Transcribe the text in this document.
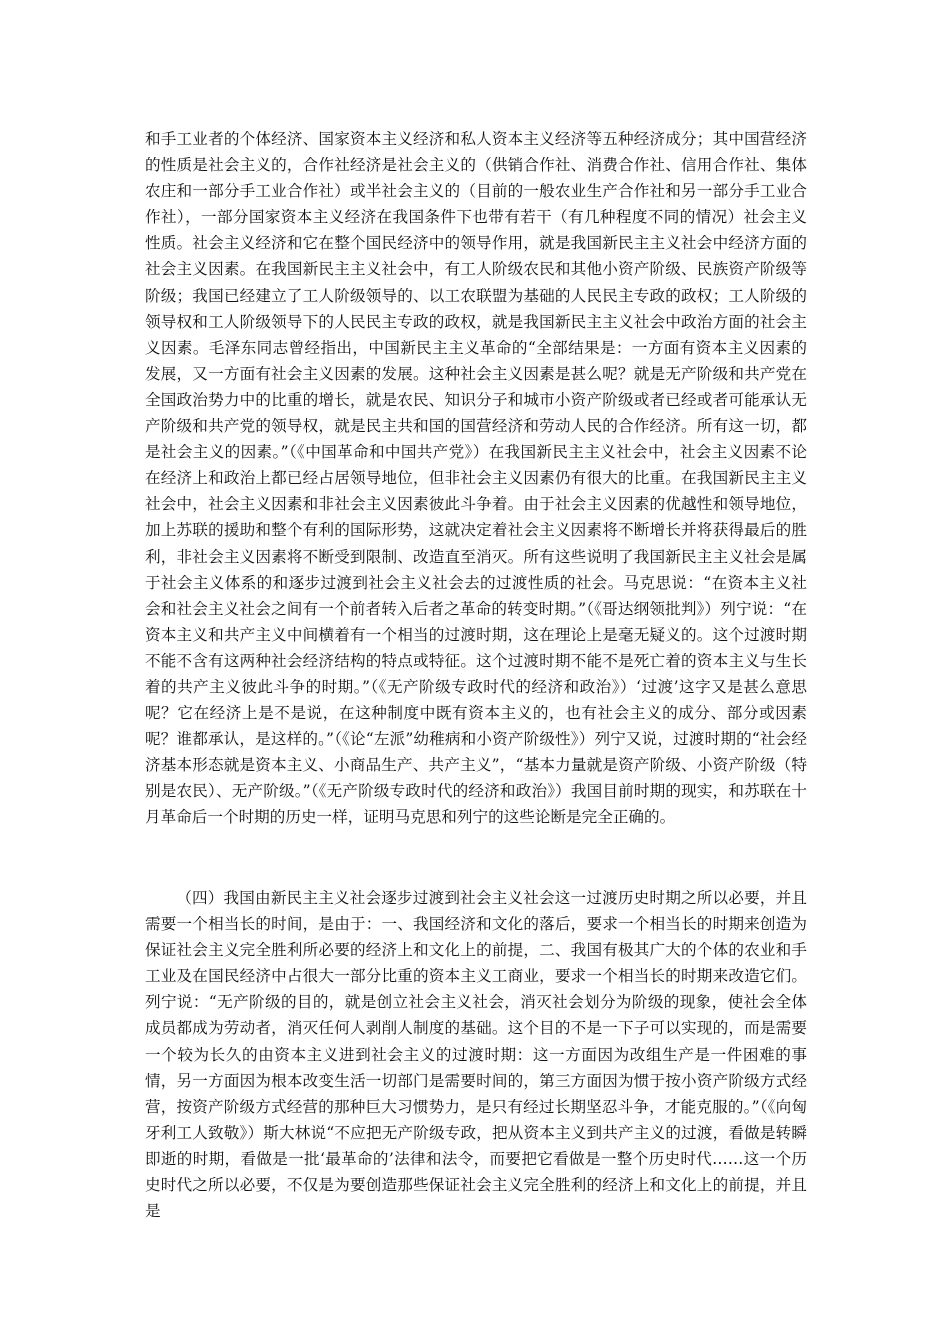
和手工业者的个体经济、国家资本主义经济和私人资本主义经济等五种经济成分；其中国营经济的性质是社会主义的，合作社经济是社会主义的（供销合作社、消费合作社、信用合作社、集体农庄和一部分手工业合作社）或半社会主义的（目前的一般农业生产合作社和另一部分手工业合作社），一部分国家资本主义经济在我国条件下也带有若干（有几种程度不同的情况）社会主义性质。社会主义经济和它在整个国民经济中的领导作用，就是我国新民主主义社会中经济方面的社会主义因素。在我国新民主主义社会中，有工人阶级农民和其他小资产阶级、民族资产阶级等阶级；我国已经建立了工人阶级领导的、以工农联盟为基础的人民民主专政的政权；工人阶级的领导权和工人阶级领导下的人民民主专政的政权，就是我国新民主主义社会中政治方面的社会主义因素。毛泽东同志曾经指出，中国新民主主义革命的“全部结果是：一方面有资本主义因素的发展，又一方面有社会主义因素的发展。这种社会主义因素是甚么呢？就是无产阶级和共产党在全国政治势力中的比重的增长，就是农民、知识分子和城市小资产阶级或者已经或者可能承认无产阶级和共产党的领导权，就是民主共和国的国营经济和劳动人民的合作经济。所有这一切，都是社会主义的因素。”（《中国革命和中国共产党》）在我国新民主主义社会中，社会主义因素不论在经济上和政治上都已经占居领导地位，但非社会主义因素仍有很大的比重。在我国新民主主义社会中，社会主义因素和非社会主义因素彼此斗争着。由于社会主义因素的优越性和领导地位，加上苏联的援助和整个有利的国际形势，这就决定着社会主义因素将不断增长并将获得最后的胜利，非社会主义因素将不断受到限制、改造直至消灭。所有这些说明了我国新民主主义社会是属于社会主义体系的和逐步过渡到社会主义社会去的过渡性质的社会。马克思说：“在资本主义社会和社会主义社会之间有一个前者转入后者之革命的转变时期。”（《哥达纲领批判》）列宁说：“在资本主义和共产主义中间横着有一个相当的过渡时期，这在理论上是毫无疑义的。这个过渡时期不能不含有这两种社会经济结构的特点或特征。这个过渡时期不能不是死亡着的资本主义与生长着的共产主义彼此斗争的时期。”（《无产阶级专政时代的经济和政治》）‘过渡’这字又是甚么意思呢？它在经济上是不是说，在这种制度中既有资本主义的，也有社会主义的成分、部分或因素呢？谁都承认，是这样的。”（《论“左派”幼稚病和小资产阶级性》）列宁又说，过渡时期的“社会经济基本形态就是资本主义、小商品生产、共产主义”，“基本力量就是资产阶级、小资产阶级（特别是农民）、无产阶级。”（《无产阶级专政时代的经济和政治》）我国目前时期的现实，和苏联在十月革命后一个时期的历史一样，证明马克思和列宁的这些论断是完全正确的。

（四）我国由新民主主义社会逐步过渡到社会主义社会这一过渡历史时期之所以必要，并且需要一个相当长的时间，是由于：一、我国经济和文化的落后，要求一个相当长的时期来创造为保证社会主义完全胜利所必要的经济上和文化上的前提，二、我国有极其广大的个体的农业和手工业及在国民经济中占很大一部分比重的资本主义工商业，要求一个相当长的时期来改造它们。列宁说：“无产阶级的目的，就是创立社会主义社会，消灭社会划分为阶级的现象，使社会全体成员都成为劳动者，消灭任何人剥削人制度的基础。这个目的不是一下子可以实现的，而是需要一个较为长久的由资本主义进到社会主义的过渡时期：这一方面因为改组生产是一件困难的事情，另一方面因为根本改变生活一切部门是需要时间的，第三方面因为惯于按小资产阶级方式经营，按资产阶级方式经营的那种巨大习惯势力，是只有经过长期坚忍斗争，才能克服的。”（《向匈牙利工人致敬》）斯大林说“不应把无产阶级专政，把从资本主义到共产主义的过渡，看做是转瞬即逝的时期，看做是一批‘最革命的’法律和法令，而要把它看做是一整个历史时代……这一个历史时代之所以必要，不仅是为要创造那些保证社会主义完全胜利的经济上和文化上的前提，并且是
